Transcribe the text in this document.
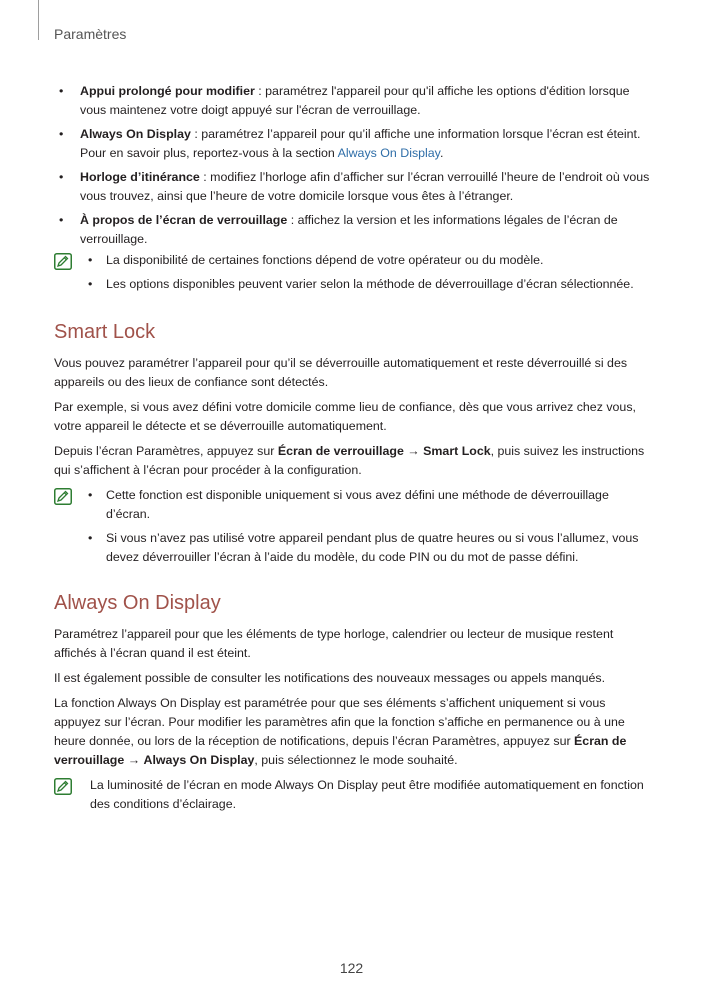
Paramètres
• Appui prolongé pour modifier : paramétrez l'appareil pour qu'il affiche les options d'édition lorsque vous maintenez votre doigt appuyé sur l'écran de verrouillage.
• Always On Display : paramétrez l’appareil pour qu’il affiche une information lorsque l’écran est éteint. Pour en savoir plus, reportez-vous à la section Always On Display.
• Horloge d’itinérance : modifiez l’horloge afin d’afficher sur l’écran verrouillé l’heure de l’endroit où vous vous trouvez, ainsi que l’heure de votre domicile lorsque vous êtes à l’étranger.
• À propos de l’écran de verrouillage : affichez la version et les informations légales de l’écran de verrouillage.
• La disponibilité de certaines fonctions dépend de votre opérateur ou du modèle.
• Les options disponibles peuvent varier selon la méthode de déverrouillage d’écran sélectionnée.
Smart Lock

Vous pouvez paramétrer l’appareil pour qu’il se déverrouille automatiquement et reste déverrouillé si des appareils ou des lieux de confiance sont détectés.

Par exemple, si vous avez défini votre domicile comme lieu de confiance, dès que vous arrivez chez vous, votre appareil le détecte et se déverrouille automatiquement.

Depuis l’écran Paramètres, appuyez sur Écran de verrouillage → Smart Lock, puis suivez les instructions qui s’affichent à l’écran pour procéder à la configuration.

• Cette fonction est disponible uniquement si vous avez défini une méthode de déverrouillage d’écran.
• Si vous n’avez pas utilisé votre appareil pendant plus de quatre heures ou si vous l’allumez, vous devez déverrouiller l’écran à l’aide du modèle, du code PIN ou du mot de passe défini.
Always On Display

Paramétrez l’appareil pour que les éléments de type horloge, calendrier ou lecteur de musique restent affichés à l’écran quand il est éteint.

Il est également possible de consulter les notifications des nouveaux messages ou appels manqués.

La fonction Always On Display est paramétrée pour que ses éléments s’affichent uniquement si vous appuyez sur l’écran. Pour modifier les paramètres afin que la fonction s’affiche en permanence ou à une heure donnée, ou lors de la réception de notifications, depuis l’écran Paramètres, appuyez sur Écran de verrouillage → Always On Display, puis sélectionnez le mode souhaité.

La luminosité de l’écran en mode Always On Display peut être modifiée automatiquement en fonction des conditions d’éclairage.

122
